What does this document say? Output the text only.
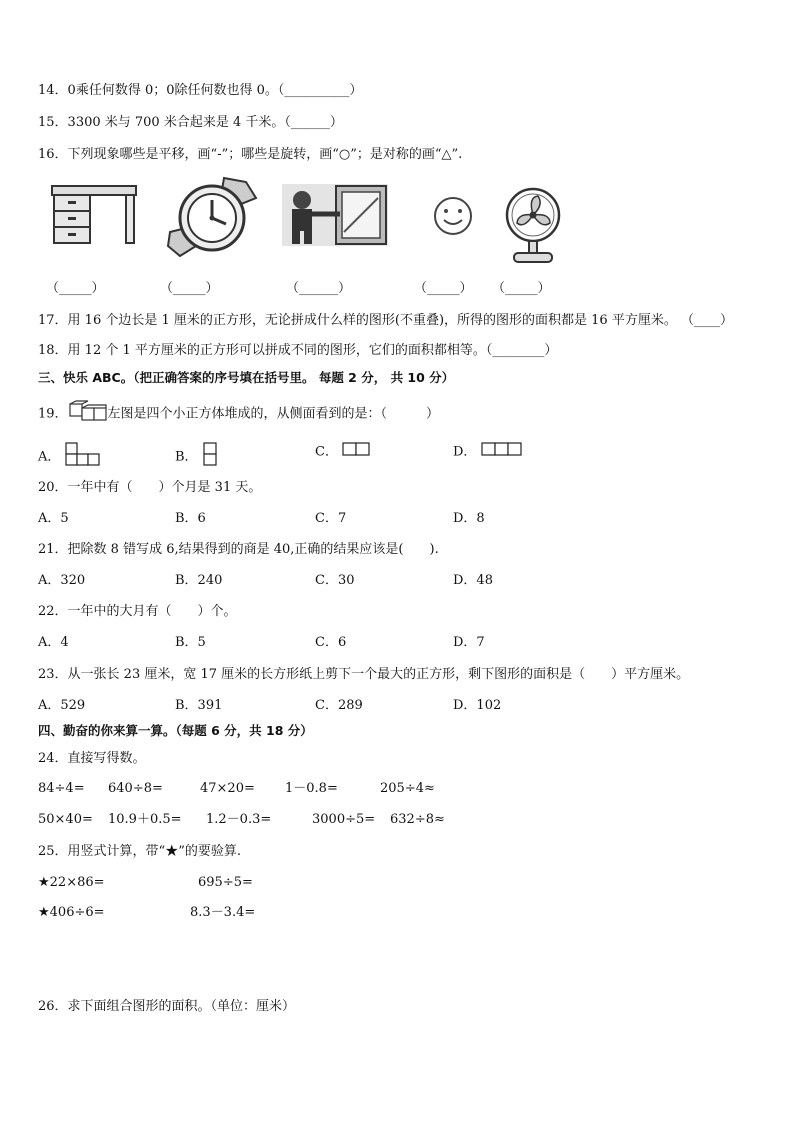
14．0乘任何数得 0；0除任何数也得 0。（__________）
15．3300 米与 700 米合起来是 4 千米。（______）
16．下列现象哪些是平移，画“-”；哪些是旋转，画“○”；是对称的画“△”.
（_____）	（_____）	（______）	（_____） （_____）
17．用 16 个边长是 1 厘米的正方形，无论拼成什么样的图形(不重叠)，所得的图形的面积都是 16 平方厘米。 （____）
18．用 12 个 1 平方厘米的正方形可以拼成不同的图形，它们的面积都相等。（________）
三、快乐 ABC。（把正确答案的序号填在括号里。 每题 2 分， 共 10 分）
19．	左图是四个小正方体堆成的，从侧面看到的是：（　　　）
A．	B．	C．	D．
20．一年中有（　　）个月是 31 天。
A．5	B．6	C．7	D．8
21．把除数 8 错写成 6,结果得到的商是 40,正确的结果应该是(　　).
A．320	B．240	C．30	D．48
22．一年中的大月有（　　）个。
A．4	B．5	C．6	D．7
23．从一张长 23 厘米，宽 17 厘米的长方形纸上剪下一个最大的正方形，剩下图形的面积是（　　）平方厘米。
A．529	B．391	C．289	D．102
四、勤奋的你来算一算。（每题 6 分，共 18 分）
24．直接写得数。
84÷4= 640÷8=	47×20= 1－0.8=	205÷4≈
50×40= 10.9＋0.5= 1.2－0.3=	3000÷5= 632÷8≈
25．用竖式计算，带“★”的要验算.
★22×86=	695÷5=
★406÷6=	8.3－3.4=
26．求下面组合图形的面积。（单位：厘米）
